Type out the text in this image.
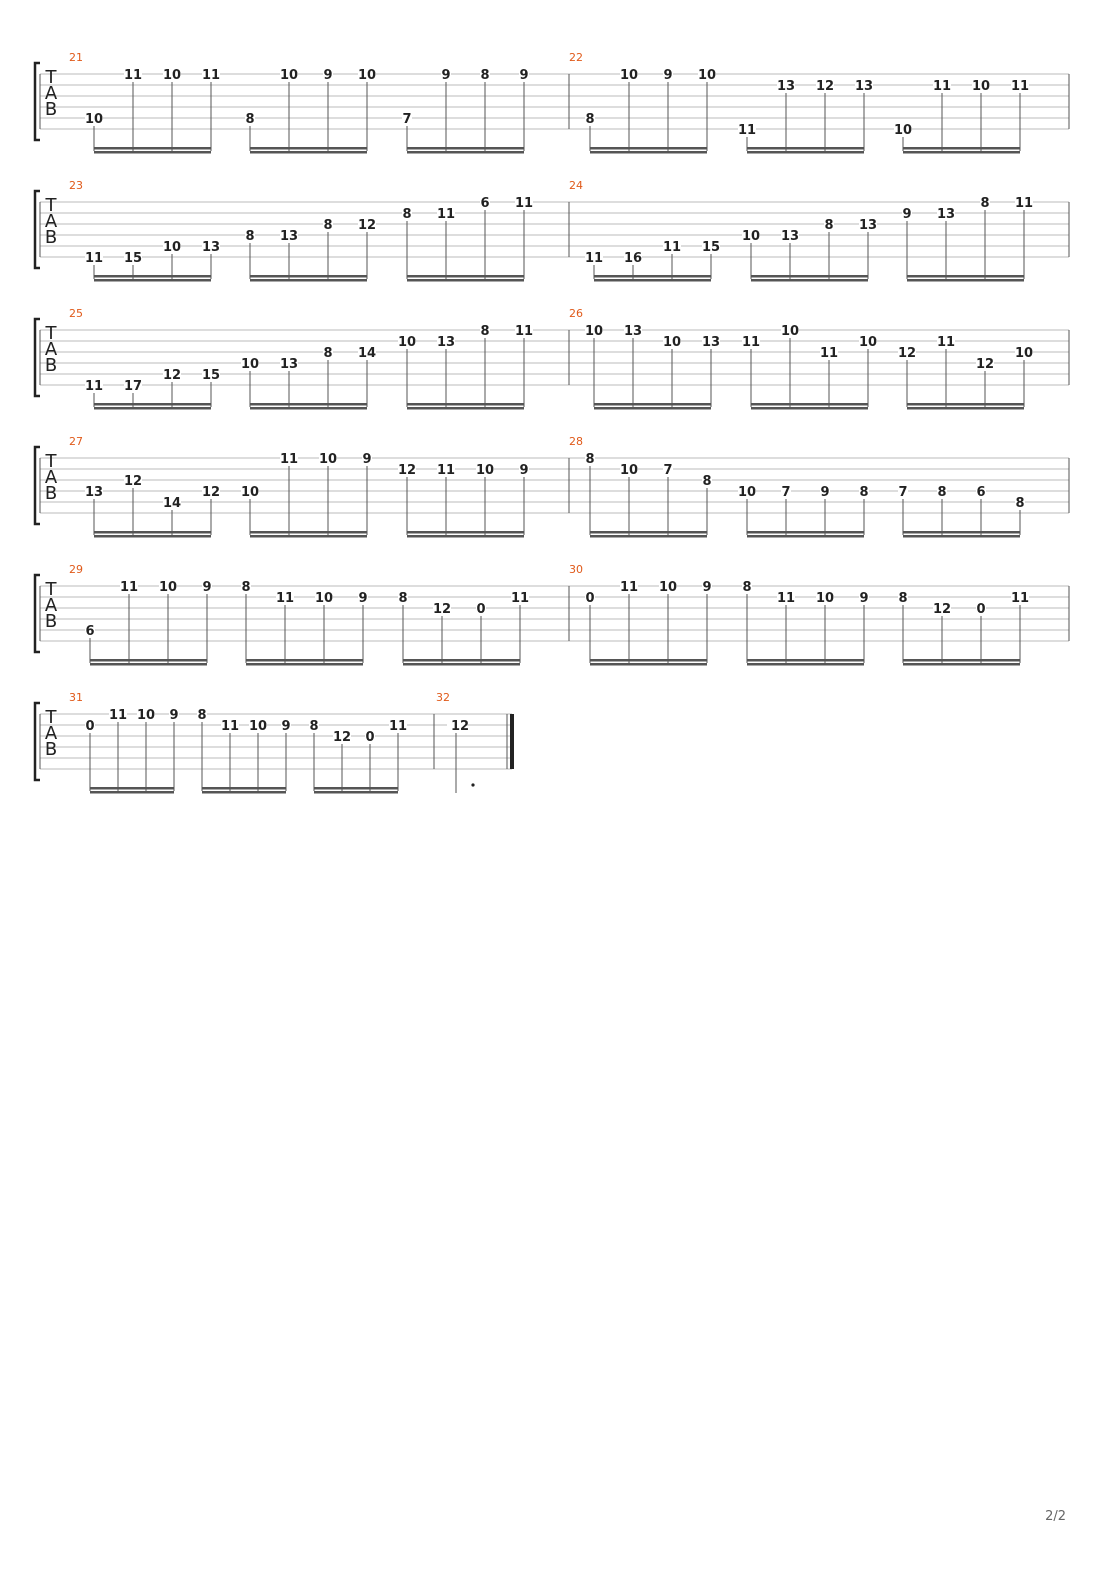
T
A
B
21
10
11 10 11
8
10 9 10
7
9 8 9
22
8
10 9 10
11
13 12 13
10
11 10 11
T
A
B
23
11 15
10 13
8 13
8 12
8 11
6 11
24
11 16
11 15
10 13
8 13
9 13
8 11
T
A
B
25
11 17
12 15
10 13
8 14
10 13
8 11
26
10 13
10 13 11
10
11
10
12
11
12
10
T
A
B
27
13
12
14
12 10
11 10 9
12 11 10 9
28
8
10 7
8
10 7 9 8 7 8 6
8
T
A
B
29
6
11 10 9 8
11 10 9 8
12 0
11
30
0
11 10 9 8
11 10 9 8
12 0
11
T
A
B
31
0
11 10 9 8
11 10 9 8
12 0
11
32
12
2/2
